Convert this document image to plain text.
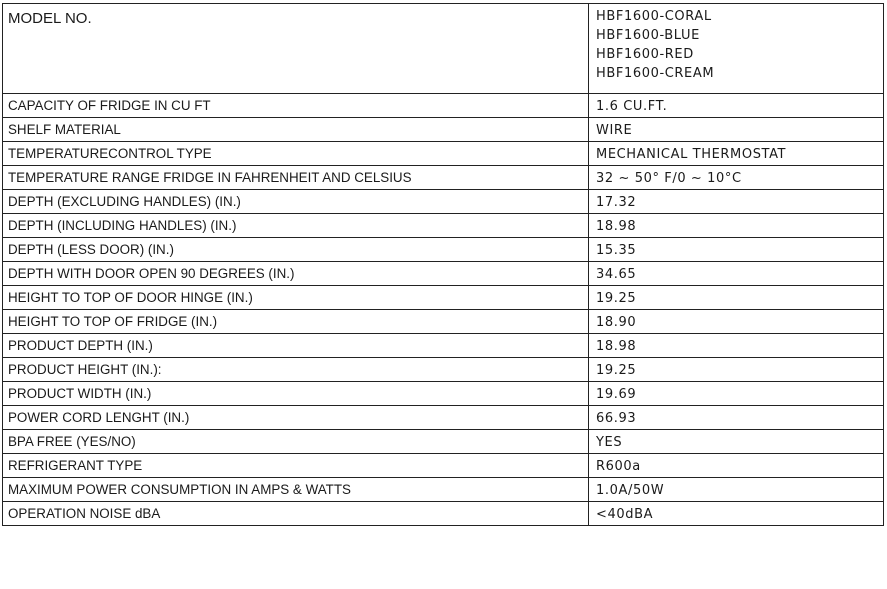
MODEL NO.	HBF1600-CORAL
HBF1600-BLUE
HBF1600-RED
HBF1600-CREAM

CAPACITY OF FRIDGE IN CU FT	1.6 CU.FT.
SHELF MATERIAL	WIRE
TEMPERATURECONTROL TYPE	MECHANICAL THERMOSTAT
TEMPERATURE RANGE FRIDGE IN FAHRENHEIT AND CELSIUS	32 ~ 50° F/0 ~ 10°C
DEPTH (EXCLUDING HANDLES) (IN.)	17.32
DEPTH (INCLUDING HANDLES) (IN.)	18.98
DEPTH (LESS DOOR) (IN.)	15.35
DEPTH WITH DOOR OPEN 90 DEGREES (IN.)	34.65
HEIGHT TO TOP OF DOOR HINGE (IN.)	19.25
HEIGHT TO TOP OF FRIDGE (IN.)	18.90
PRODUCT DEPTH (IN.)	18.98
PRODUCT HEIGHT (IN.):	19.25
PRODUCT WIDTH (IN.)	19.69
POWER CORD LENGHT (IN.)	66.93
BPA FREE (YES/NO)	YES
REFRIGERANT TYPE	R600a
MAXIMUM POWER CONSUMPTION IN AMPS & WATTS	1.0A/50W
OPERATION NOISE dBA	<40dBA
